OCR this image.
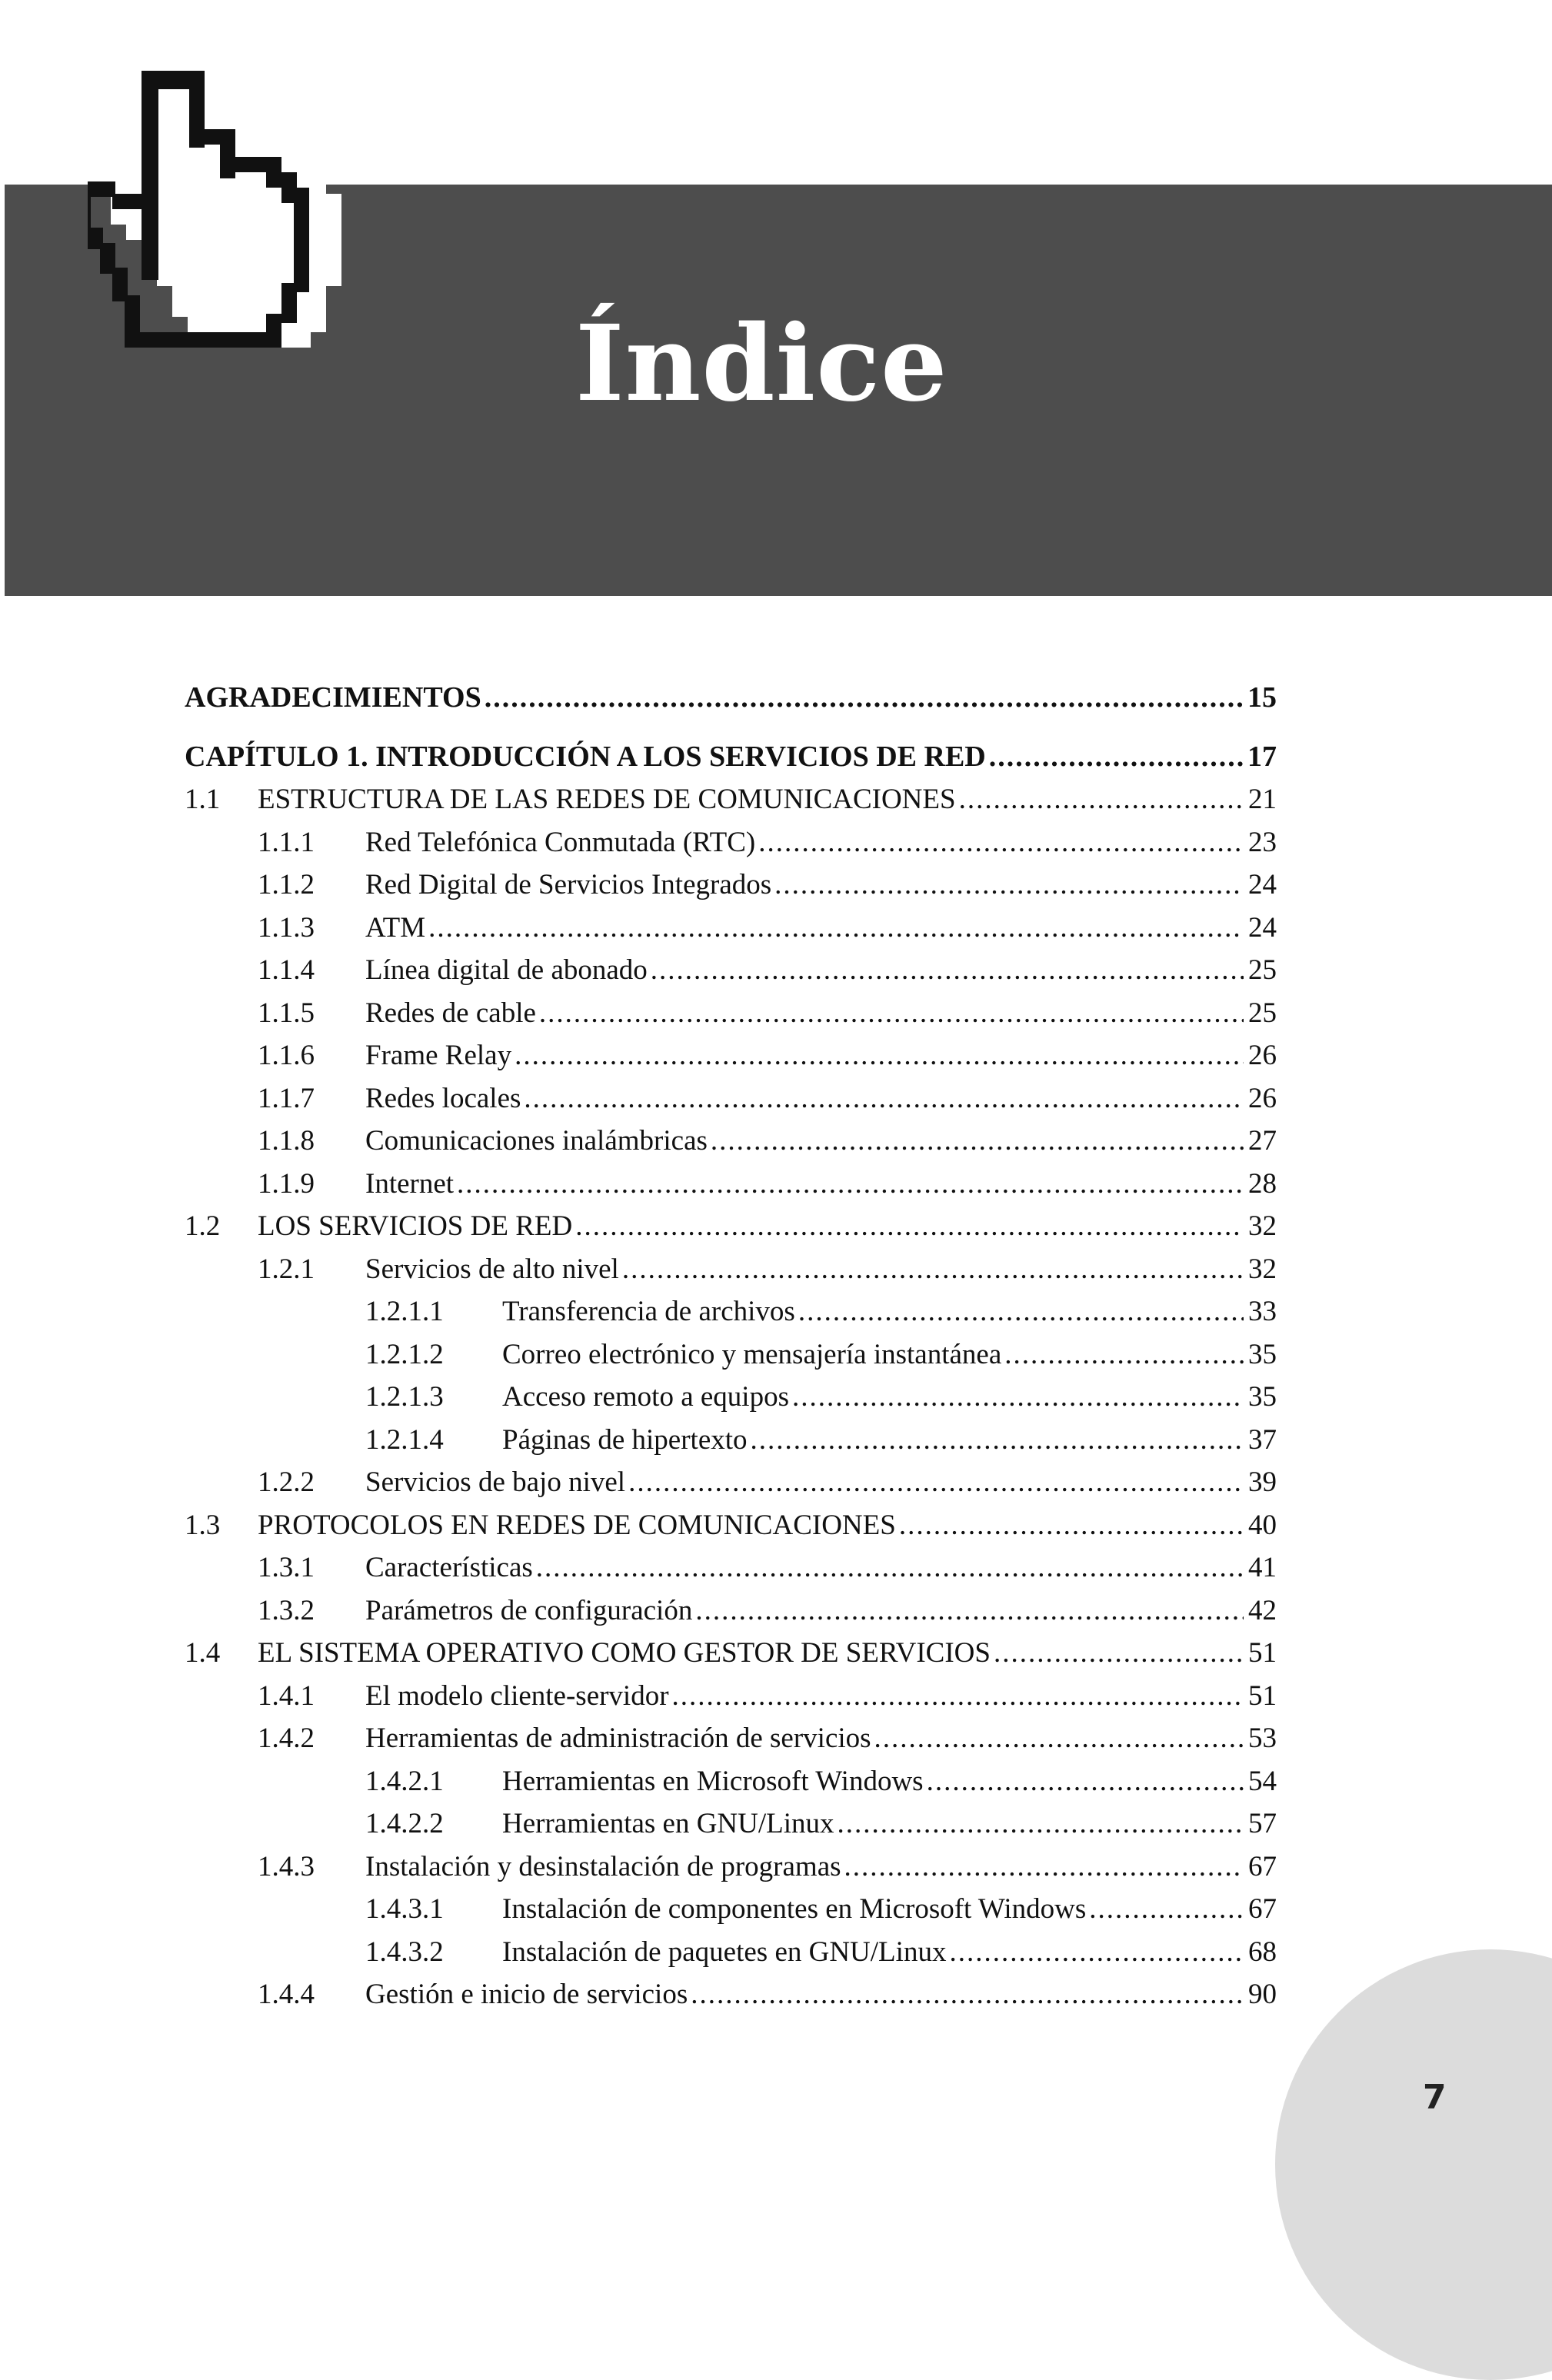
Índice
AGRADECIMIENTOS .....	15
CAPÍTULO 1. INTRODUCCIÓN A LOS SERVICIOS DE RED .....	17
1.1	ESTRUCTURA DE LAS REDES DE COMUNICACIONES .....	21
1.1.1	Red Telefónica Conmutada (RTC) .....	23
1.1.2	Red Digital de Servicios Integrados .....	24
1.1.3	ATM .....	24
1.1.4	Línea digital de abonado .....	25
1.1.5	Redes de cable .....	25
1.1.6	Frame Relay .....	26
1.1.7	Redes locales .....	26
1.1.8	Comunicaciones inalámbricas .....	27
1.1.9	Internet .....	28
1.2	LOS SERVICIOS DE RED .....	32
1.2.1	Servicios de alto nivel .....	32
1.2.1.1	Transferencia de archivos .....	33
1.2.1.2	Correo electrónico y mensajería instantánea .....	35
1.2.1.3	Acceso remoto a equipos .....	35
1.2.1.4	Páginas de hipertexto .....	37
1.2.2	Servicios de bajo nivel .....	39
1.3	PROTOCOLOS EN REDES DE COMUNICACIONES .....	40
1.3.1	Características .....	41
1.3.2	Parámetros de configuración .....	42
1.4	EL SISTEMA OPERATIVO COMO GESTOR DE SERVICIOS .....	51
1.4.1	El modelo cliente-servidor .....	51
1.4.2	Herramientas de administración de servicios .....	53
1.4.2.1	Herramientas en Microsoft Windows .....	54
1.4.2.2	Herramientas en GNU/Linux .....	57
1.4.3	Instalación y desinstalación de programas .....	67
1.4.3.1	Instalación de componentes en Microsoft Windows .....	67
1.4.3.2	Instalación de paquetes en GNU/Linux .....	68
1.4.4	Gestión e inicio de servicios .....	90
7
